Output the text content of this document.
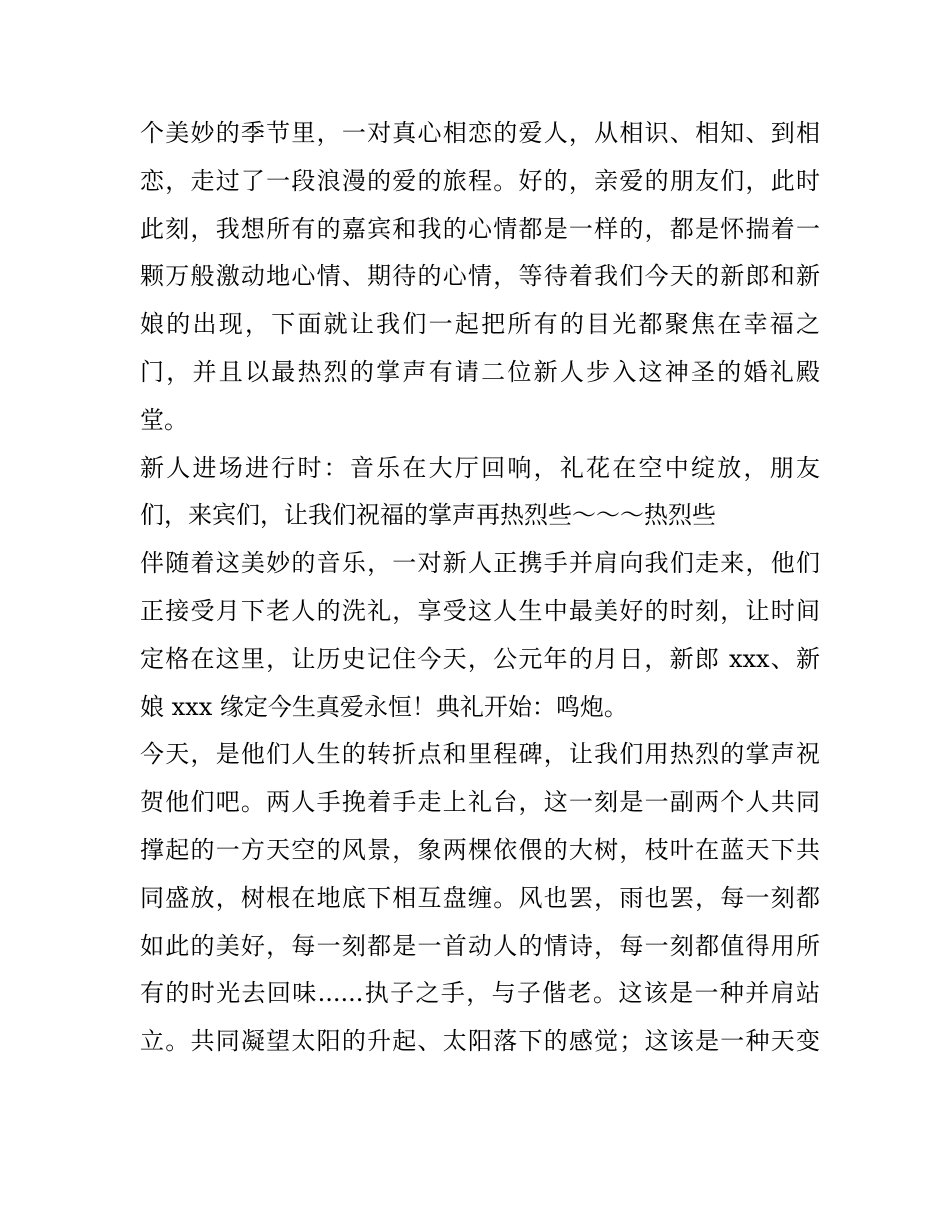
个美妙的季节里，一对真心相恋的爱人，从相识、相知、到相
恋，走过了一段浪漫的爱的旅程。好的，亲爱的朋友们，此时
此刻，我想所有的嘉宾和我的心情都是一样的，都是怀揣着一
颗万般激动地心情、期待的心情，等待着我们今天的新郎和新
娘的出现，下面就让我们一起把所有的目光都聚焦在幸福之
门，并且以最热烈的掌声有请二位新人步入这神圣的婚礼殿
堂。
新人进场进行时：音乐在大厅回响，礼花在空中绽放，朋友
们，来宾们，让我们祝福的掌声再热烈些～～～热烈些
伴随着这美妙的音乐，一对新人正携手并肩向我们走来，他们
正接受月下老人的洗礼，享受这人生中最美好的时刻，让时间
定格在这里，让历史记住今天，公元年的月日，新郎 xxx、新
娘 xxx 缘定今生真爱永恒！典礼开始：鸣炮。
今天，是他们人生的转折点和里程碑，让我们用热烈的掌声祝
贺他们吧。两人手挽着手走上礼台，这一刻是一副两个人共同
撑起的一方天空的风景，象两棵依偎的大树，枝叶在蓝天下共
同盛放，树根在地底下相互盘缠。风也罢，雨也罢，每一刻都
如此的美好，每一刻都是一首动人的情诗，每一刻都值得用所
有的时光去回味......执子之手，与子偕老。这该是一种并肩站
立。共同凝望太阳的升起、太阳落下的感觉；这该是一种天变
